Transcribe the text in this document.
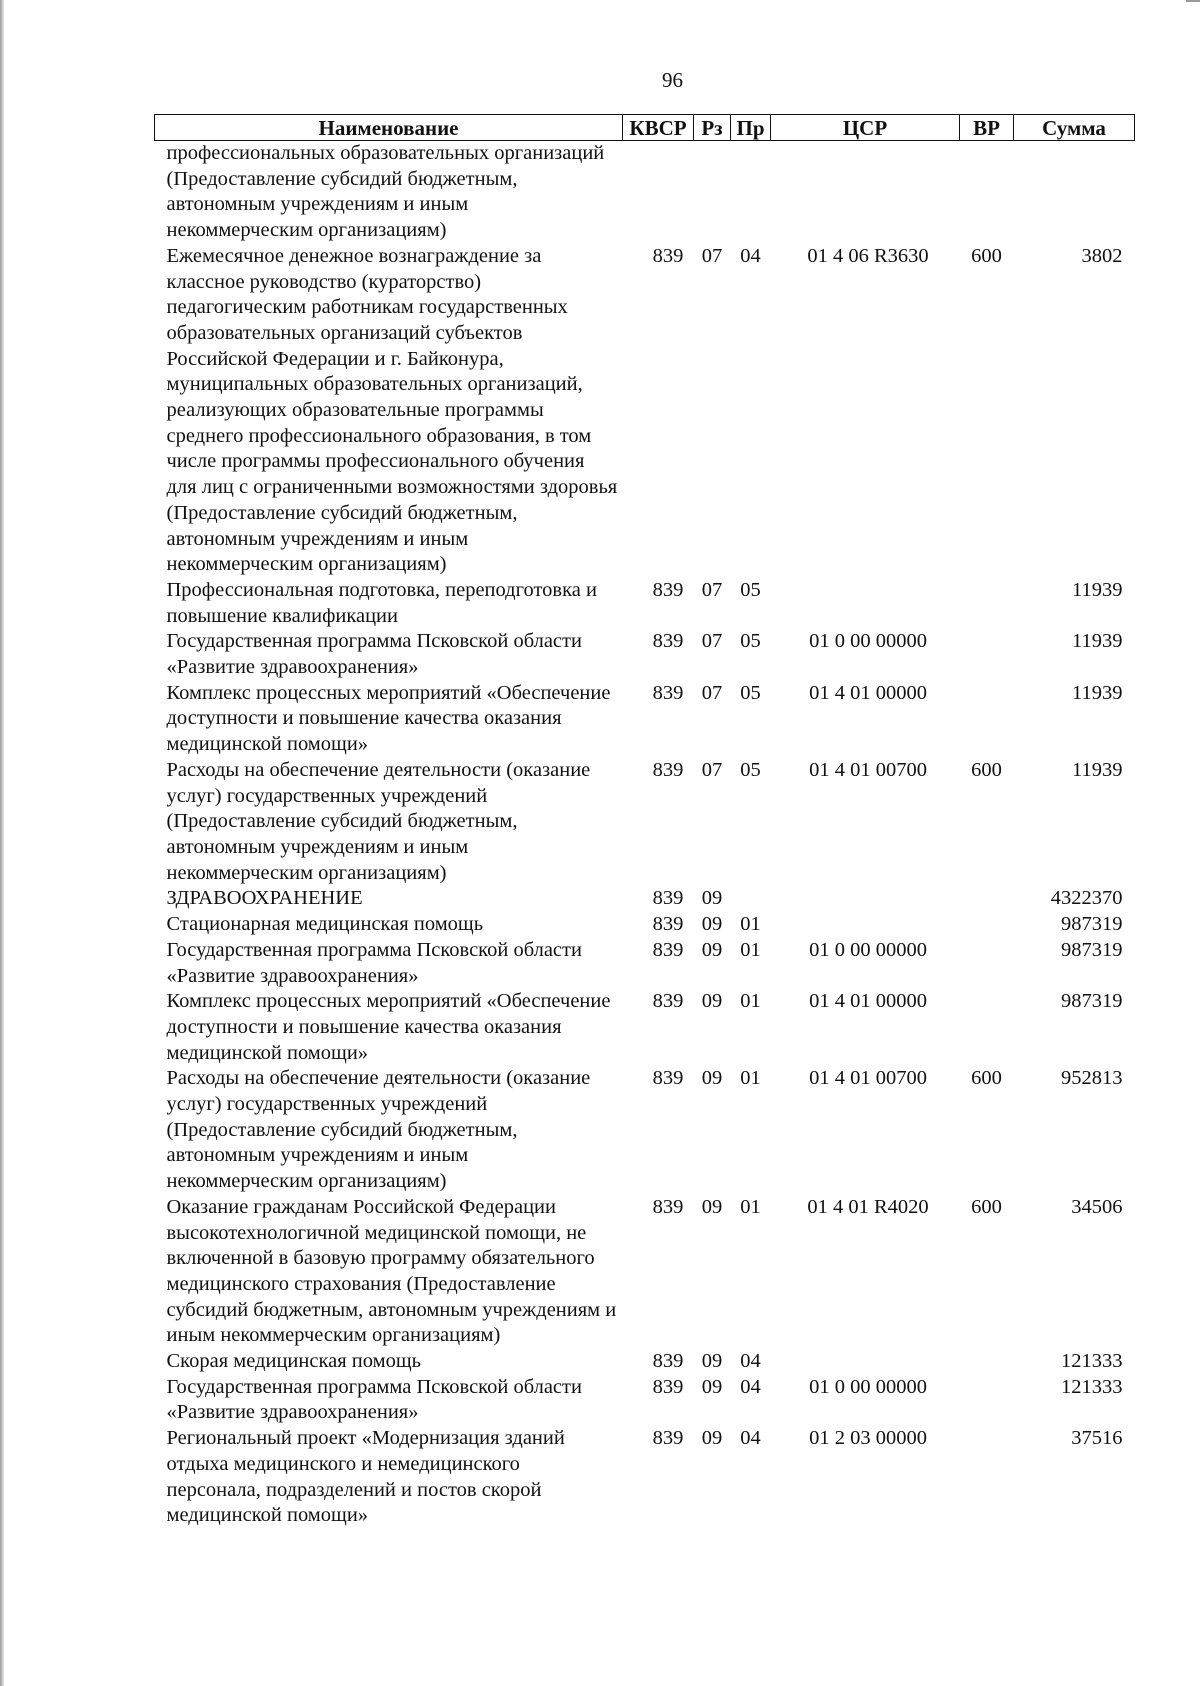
96
Наименование	КВСР	Рз	Пр	ЦСР	ВР	Сумма
профессиональных образовательных организаций (Предоставление субсидий бюджетным, автономным учреждениям и иным некоммерческим организациям)						
Ежемесячное денежное вознаграждение за классное руководство (кураторство) педагогическим работникам государственных образовательных организаций субъектов Российской Федерации и г. Байконура, муниципальных образовательных организаций, реализующих образовательные программы среднего профессионального образования, в том числе программы профессионального обучения для лиц с ограниченными возможностями здоровья (Предоставление субсидий бюджетным, автономным учреждениям и иным некоммерческим организациям)	839	07	04	01 4 06 R3630	600	3802
Профессиональная подготовка, переподготовка и повышение квалификации	839	07	05			11939
Государственная программа Псковской области «Развитие здравоохранения»	839	07	05	01 0 00 00000		11939
Комплекс процессных мероприятий «Обеспечение доступности и повышение качества оказания медицинской помощи»	839	07	05	01 4 01 00000		11939
Расходы на обеспечение деятельности (оказание услуг) государственных учреждений (Предоставление субсидий бюджетным, автономным учреждениям и иным некоммерческим организациям)	839	07	05	01 4 01 00700	600	11939
ЗДРАВООХРАНЕНИЕ	839	09				4322370
Стационарная медицинская помощь	839	09	01			987319
Государственная программа Псковской области «Развитие здравоохранения»	839	09	01	01 0 00 00000		987319
Комплекс процессных мероприятий «Обеспечение доступности и повышение качества оказания медицинской помощи»	839	09	01	01 4 01 00000		987319
Расходы на обеспечение деятельности (оказание услуг) государственных учреждений (Предоставление субсидий бюджетным, автономным учреждениям и иным некоммерческим организациям)	839	09	01	01 4 01 00700	600	952813
Оказание гражданам Российской Федерации высокотехнологичной медицинской помощи, не включенной в базовую программу обязательного медицинского страхования (Предоставление субсидий бюджетным, автономным учреждениям и иным некоммерческим организациям)	839	09	01	01 4 01 R4020	600	34506
Скорая медицинская помощь	839	09	04			121333
Государственная программа Псковской области «Развитие здравоохранения»	839	09	04	01 0 00 00000		121333
Региональный проект «Модернизация зданий отдыха медицинского и немедицинского персонала, подразделений и постов скорой медицинской помощи»	839	09	04	01 2 03 00000		37516
